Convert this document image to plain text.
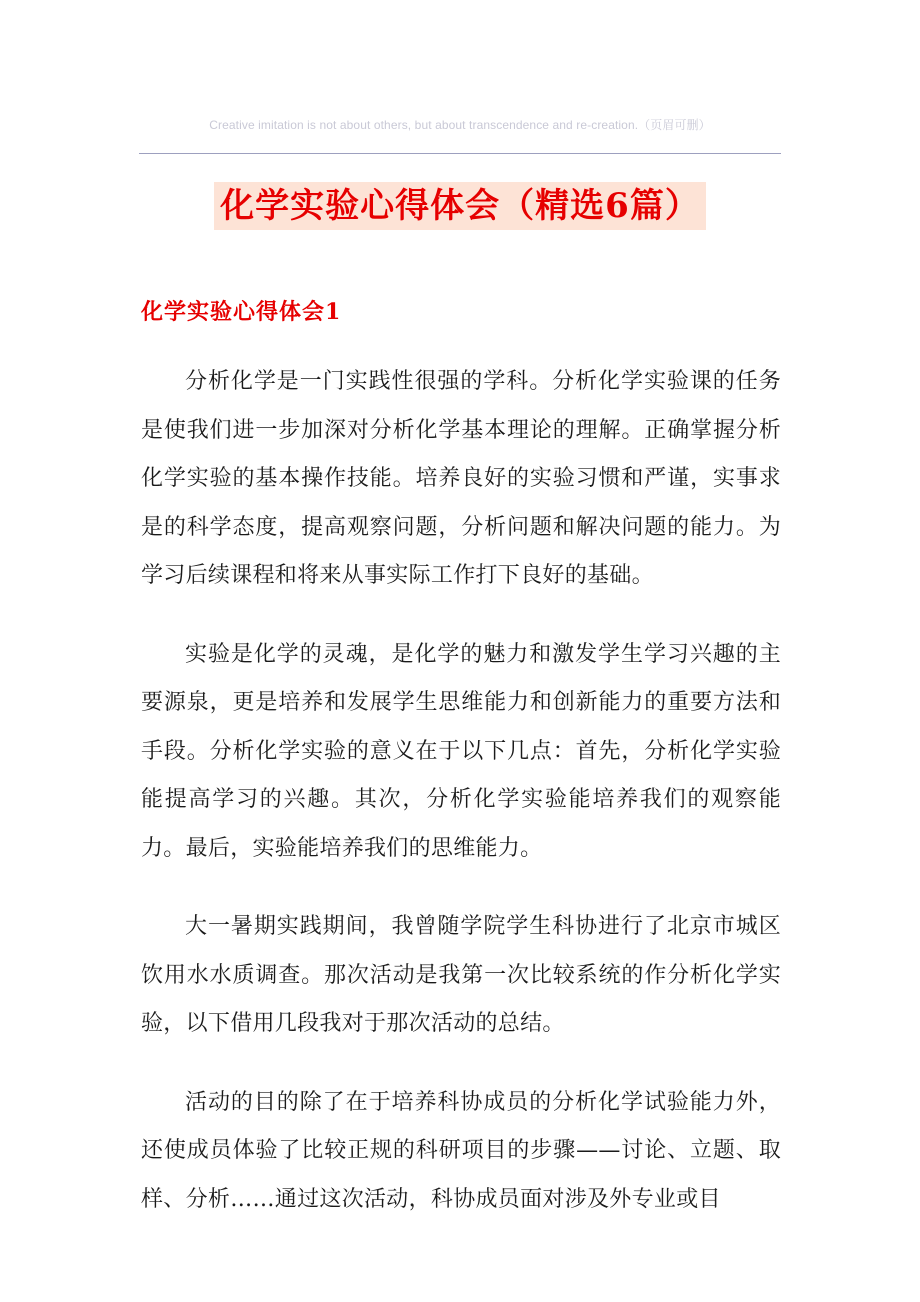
Creative imitation is not about others, but about transcendence and re-creation.（页眉可删）
化学实验心得体会（精选6篇）
化学实验心得体会1

分析化学是一门实践性很强的学科。分析化学实验课的任务是使我们进一步加深对分析化学基本理论的理解。正确掌握分析化学实验的基本操作技能。培养良好的实验习惯和严谨，实事求是的科学态度，提高观察问题，分析问题和解决问题的能力。为学习后续课程和将来从事实际工作打下良好的基础。

实验是化学的灵魂，是化学的魅力和激发学生学习兴趣的主要源泉，更是培养和发展学生思维能力和创新能力的重要方法和手段。分析化学实验的意义在于以下几点：首先，分析化学实验能提高学习的兴趣。其次，分析化学实验能培养我们的观察能力。最后，实验能培养我们的思维能力。

大一暑期实践期间，我曾随学院学生科协进行了北京市城区饮用水水质调查。那次活动是我第一次比较系统的作分析化学实验，以下借用几段我对于那次活动的总结。

活动的目的除了在于培养科协成员的分析化学试验能力外，还使成员体验了比较正规的科研项目的步骤——讨论、立题、取样、分析……通过这次活动，科协成员面对涉及外专业或目
